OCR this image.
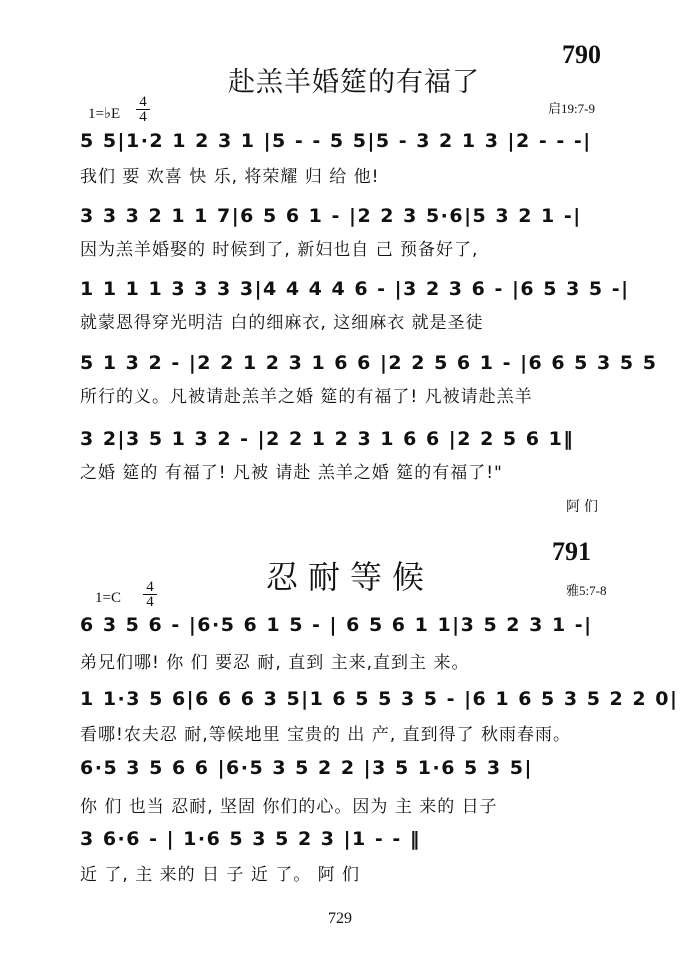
790
赴羔羊婚筵的有福了
1=♭E $\frac{4}{4}$	启19:7-9
5 5|1·2 1 2 3 1 |5 - - 5 5|5 - 3 2 1 3 |2 - - -|
我们 要 欢喜 快 乐, 将荣耀 归 给 他!
3 3 3 2 1 1 7|6 5 6 1 - |2 2 3 5·6|5 3 2 1 -|
因为羔羊婚娶的 时候到了, 新妇也自 己 预备好了,
1 1 1 1 3 3 3 3|4 4 4 4 6 - |3 2 3 6 - |6 5 3 5 -|
就蒙恩得穿光明洁 白的细麻衣, 这细麻衣 就是圣徒
5 1 3 2 - |2 2 1 2 3 1 6 6 |2 2 5 6 1 - |6 6 5 3 5 5
所行的义。凡被请赴羔羊之婚 筵的有福了! 凡被请赴羔羊
3 2|3 5 1 3 2 - |2 2 1 2 3 1 6 6 |2 2 5 6 1‖
之婚 筵的 有福了! 凡被 请赴 羔羊之婚 筵的有福了!"
阿们
791
忍耐等候
$1=C \frac{4}{4}$	雅5:7-8
6 3 5 6 - |6·5 6 1 5 - | 6 5 6 1 1|3 5 2 3 1 -|
弟兄们哪! 你 们 要忍 耐, 直到 主来,直到主 来。
1 1·3 5 6|6 6 6 3 5|1 6 5 5 3 5 - |6 1 6 5 3 5 2 2 0|
看哪!农夫忍 耐,等候地里 宝贵的 出 产, 直到得了 秋雨春雨。
6·5 3 5 6 6 |6·5 3 5 2 2 |3 5 1·6 5 3 5|
你 们 也当 忍耐, 坚固 你们的心。因为 主 来的 日子
3 6·6 - | 1·6 5 3 5 2 3 |1 - - ‖
近 了, 主 来的 日 子 近 了。 阿 们
729
